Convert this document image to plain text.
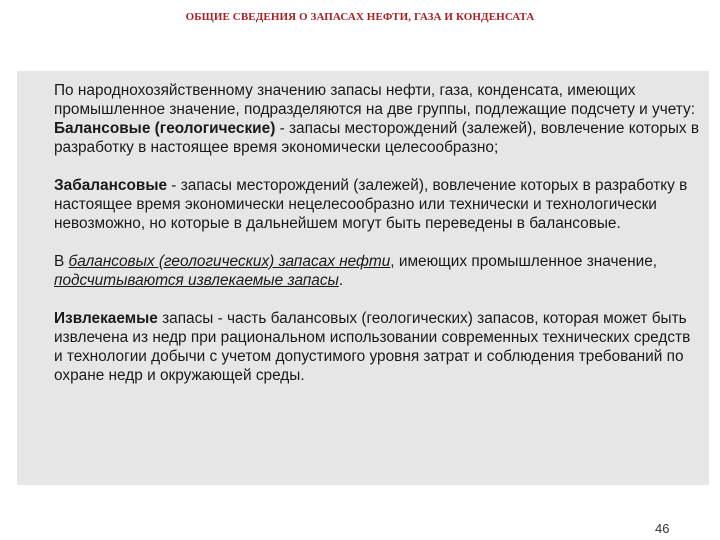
ОБЩИЕ СВЕДЕНИЯ О ЗАПАСАХ НЕФТИ, ГАЗА И КОНДЕНСАТА

По народнохозяйственному значению запасы нефти, газа, конденсата, имеющих промышленное значение, подразделяются на две группы, подлежащие подсчету и учету:

Балансовые (геологические) - запасы месторождений (залежей), вовлечение которых в разработку в настоящее время экономически целесообразно;

Забалансовые - запасы месторождений (залежей), вовлечение которых в разработку в настоящее время экономически нецелесообразно или технически и технологически невозможно, но которые в дальнейшем могут быть переведены в балансовые.

В балансовых (геологических) запасах нефти, имеющих промышленное значение, подсчитываются извлекаемые запасы.

Извлекаемые запасы - часть балансовых (геологических) запасов, которая может быть извлечена из недр при рациональном использовании современных технических средств и технологии добычи с учетом допустимого уровня затрат и соблюдения требований по охране недр и окружающей среды.

46
